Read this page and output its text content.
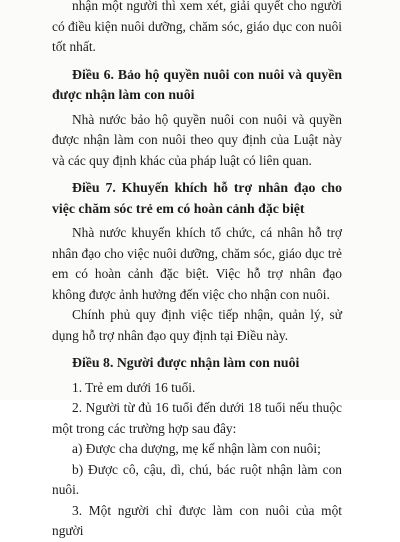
nhận một người thì xem xét, giải quyết cho người có điều kiện nuôi dưỡng, chăm sóc, giáo dục con nuôi tốt nhất.

Điều 6. Bảo hộ quyền nuôi con nuôi và quyền được nhận làm con nuôi

Nhà nước bảo hộ quyền nuôi con nuôi và quyền được nhận làm con nuôi theo quy định của Luật này và các quy định khác của pháp luật có liên quan.

Điều 7. Khuyến khích hỗ trợ nhân đạo cho việc chăm sóc trẻ em có hoàn cảnh đặc biệt

Nhà nước khuyến khích tổ chức, cá nhân hỗ trợ nhân đạo cho việc nuôi dưỡng, chăm sóc, giáo dục trẻ em có hoàn cảnh đặc biệt. Việc hỗ trợ nhân đạo không được ảnh hưởng đến việc cho nhận con nuôi.

Chính phủ quy định việc tiếp nhận, quản lý, sử dụng hỗ trợ nhân đạo quy định tại Điều này.

Điều 8. Người được nhận làm con nuôi

1. Trẻ em dưới 16 tuổi.

2. Người từ đủ 16 tuổi đến dưới 18 tuổi nếu thuộc một trong các trường hợp sau đây:

a) Được cha dượng, mẹ kế nhận làm con nuôi;

b) Được cô, cậu, dì, chú, bác ruột nhận làm con nuôi.

3. Một người chỉ được làm con nuôi của một người
